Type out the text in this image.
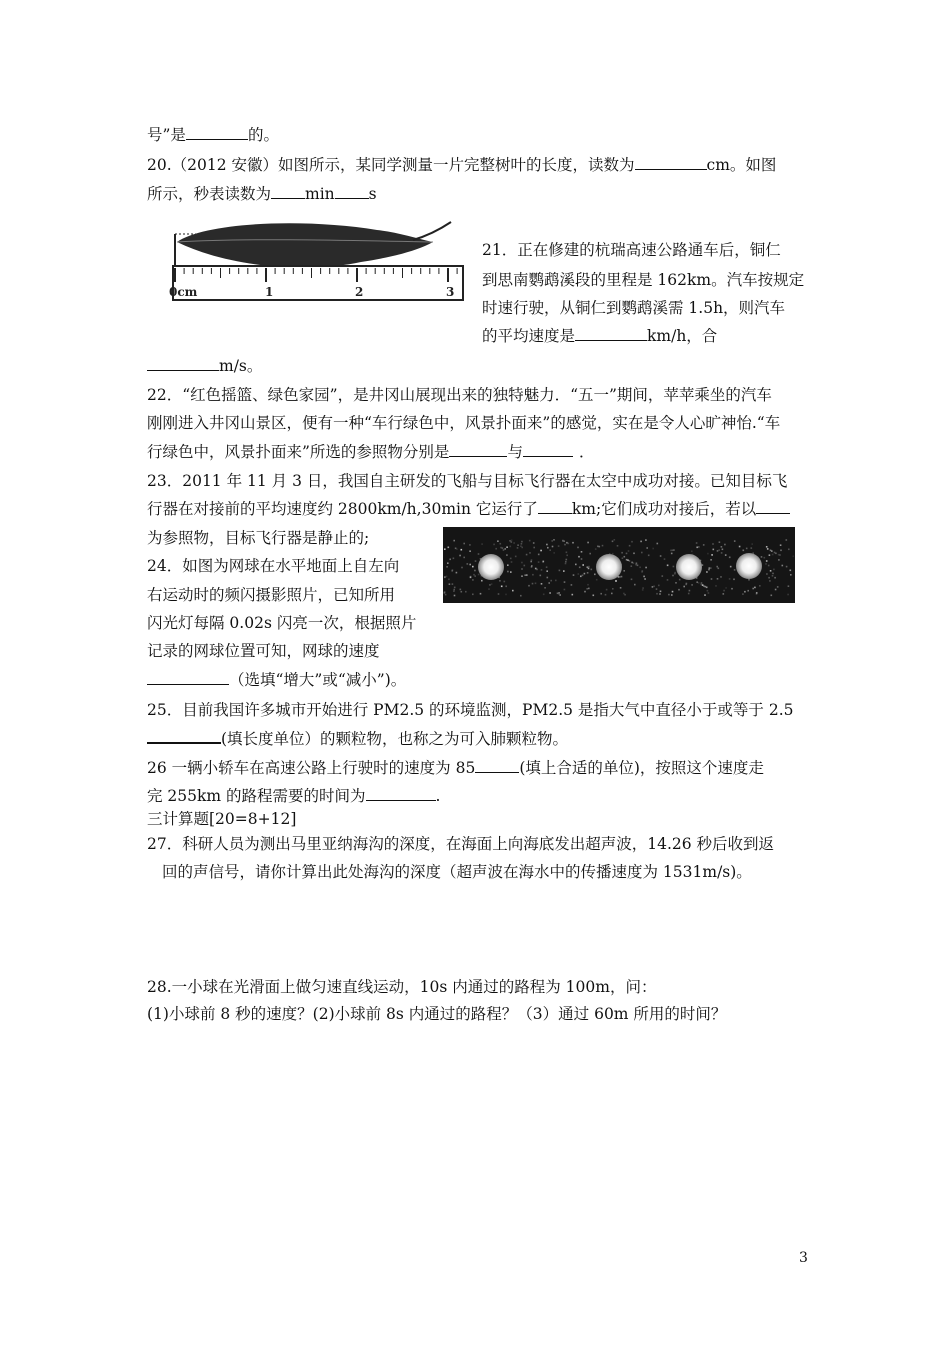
号”是	的。
20.（2012 安徽）如图所示，某同学测量一片完整树叶的长度，读数为	cm。如图
所示，秒表读数为 min s
0cm	1	2	3
21．正在修建的杭瑞高速公路通车后，铜仁
到思南鹦鹉溪段的里程是 162km。汽车按规定
时速行驶，从铜仁到鹦鹉溪需 1.5h，则汽车
的平均速度是	km/h，合
m/s。
22．“红色摇篮、绿色家园”，是井冈山展现出来的独特魅力．“五一”期间，苹苹乘坐的汽车
刚刚进入井冈山景区，便有一种“车行绿色中，风景扑面来”的感觉，实在是令人心旷神怡.“车
行绿色中，风景扑面来”所选的参照物分别是	与	．
23．2011 年 11 月 3 日，我国自主研发的飞船与目标飞行器在太空中成功对接。已知目标飞
行器在对接前的平均速度约 2800km/h,30min 它运行了 km;它们成功对接后，若以
为参照物，目标飞行器是静止的;
24．如图为网球在水平地面上自左向
右运动时的频闪摄影照片，已知所用
闪光灯每隔 0.02s 闪亮一次，根据照片
记录的网球位置可知，网球的速度
（选填“增大”或“减小”)。
25．目前我国许多城市开始进行 PM2.5 的环境监测，PM2.5 是指大气中直径小于或等于 2.5
(填长度单位）的颗粒物，也称之为可入肺颗粒物。
26 一辆小轿车在高速公路上行驶时的速度为 85	(填上合适的单位)，按照这个速度走
完 255km 的路程需要的时间为	.
三计算题[20=8+12]
27．科研人员为测出马里亚纳海沟的深度，在海面上向海底发出超声波，14.26 秒后收到返
回的声信号，请你计算出此处海沟的深度（超声波在海水中的传播速度为 1531m/s)。
28.一小球在光滑面上做匀速直线运动，10s 内通过的路程为 100m，问：
(1)小球前 8 秒的速度？(2)小球前 8s 内通过的路程？（3）通过 60m 所用的时间？
3
